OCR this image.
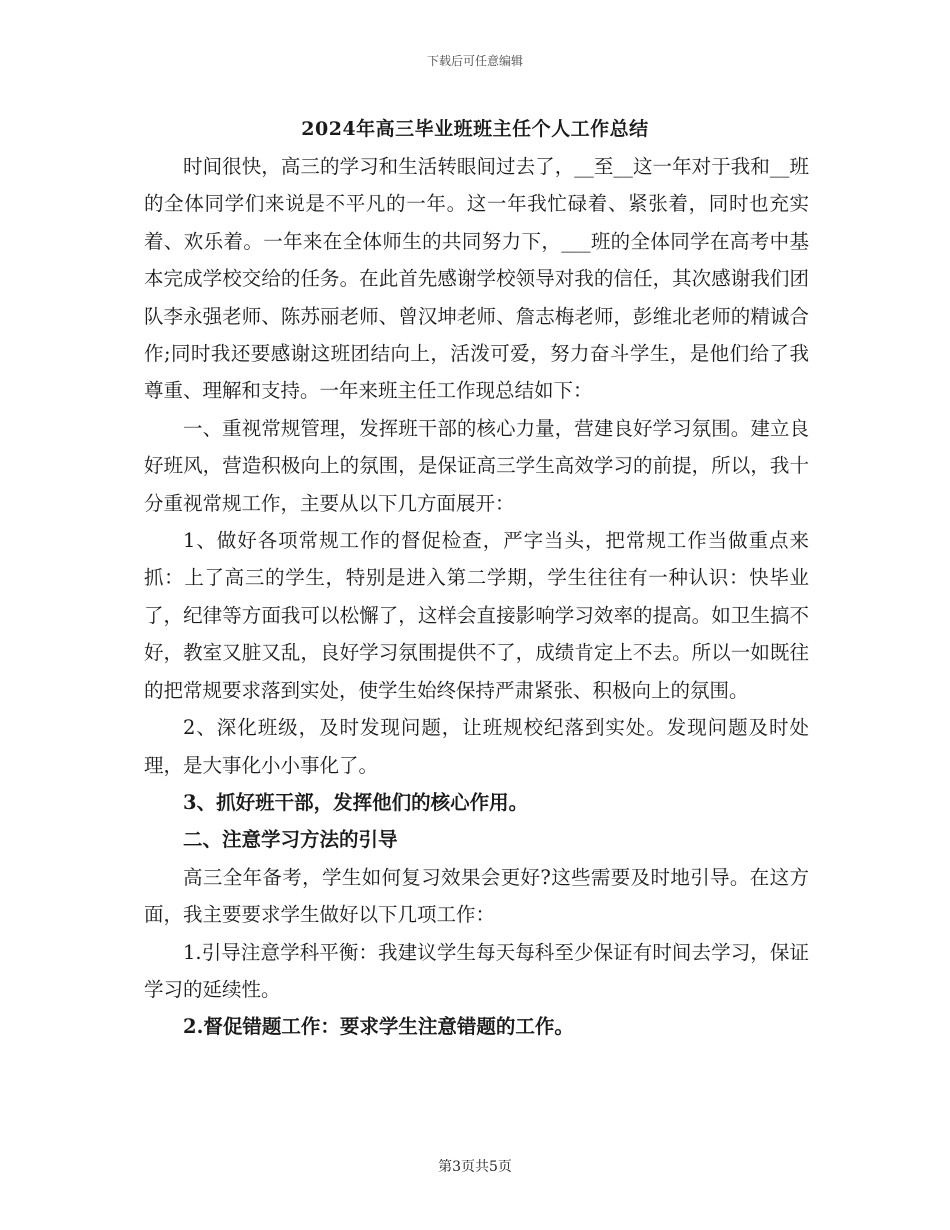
下载后可任意编辑
2024年高三毕业班班主任个人工作总结

时间很快，高三的学习和生活转眼间过去了，__至__这一年对于我和__班的全体同学们来说是不平凡的一年。这一年我忙碌着、紧张着，同时也充实着、欢乐着。一年来在全体师生的共同努力下，___班的全体同学在高考中基本完成学校交给的任务。在此首先感谢学校领导对我的信任，其次感谢我们团队李永强老师、陈苏丽老师、曾汉坤老师、詹志梅老师，彭维北老师的精诚合作;同时我还要感谢这班团结向上，活泼可爱，努力奋斗学生，是他们给了我尊重、理解和支持。一年来班主任工作现总结如下：

一、重视常规管理，发挥班干部的核心力量，营建良好学习氛围。建立良好班风，营造积极向上的氛围，是保证高三学生高效学习的前提，所以，我十分重视常规工作，主要从以下几方面展开：

1、做好各项常规工作的督促检查，严字当头，把常规工作当做重点来抓：上了高三的学生，特别是进入第二学期，学生往往有一种认识：快毕业了，纪律等方面我可以松懈了，这样会直接影响学习效率的提高。如卫生搞不好，教室又脏又乱，良好学习氛围提供不了，成绩肯定上不去。所以一如既往的把常规要求落到实处，使学生始终保持严肃紧张、积极向上的氛围。

2、深化班级，及时发现问题，让班规校纪落到实处。发现问题及时处理，是大事化小小事化了。

3、抓好班干部，发挥他们的核心作用。

二、注意学习方法的引导

高三全年备考，学生如何复习效果会更好?这些需要及时地引导。在这方面，我主要要求学生做好以下几项工作：

1.引导注意学科平衡：我建议学生每天每科至少保证有时间去学习，保证学习的延续性。

2.督促错题工作：要求学生注意错题的工作。

第3页共5页
